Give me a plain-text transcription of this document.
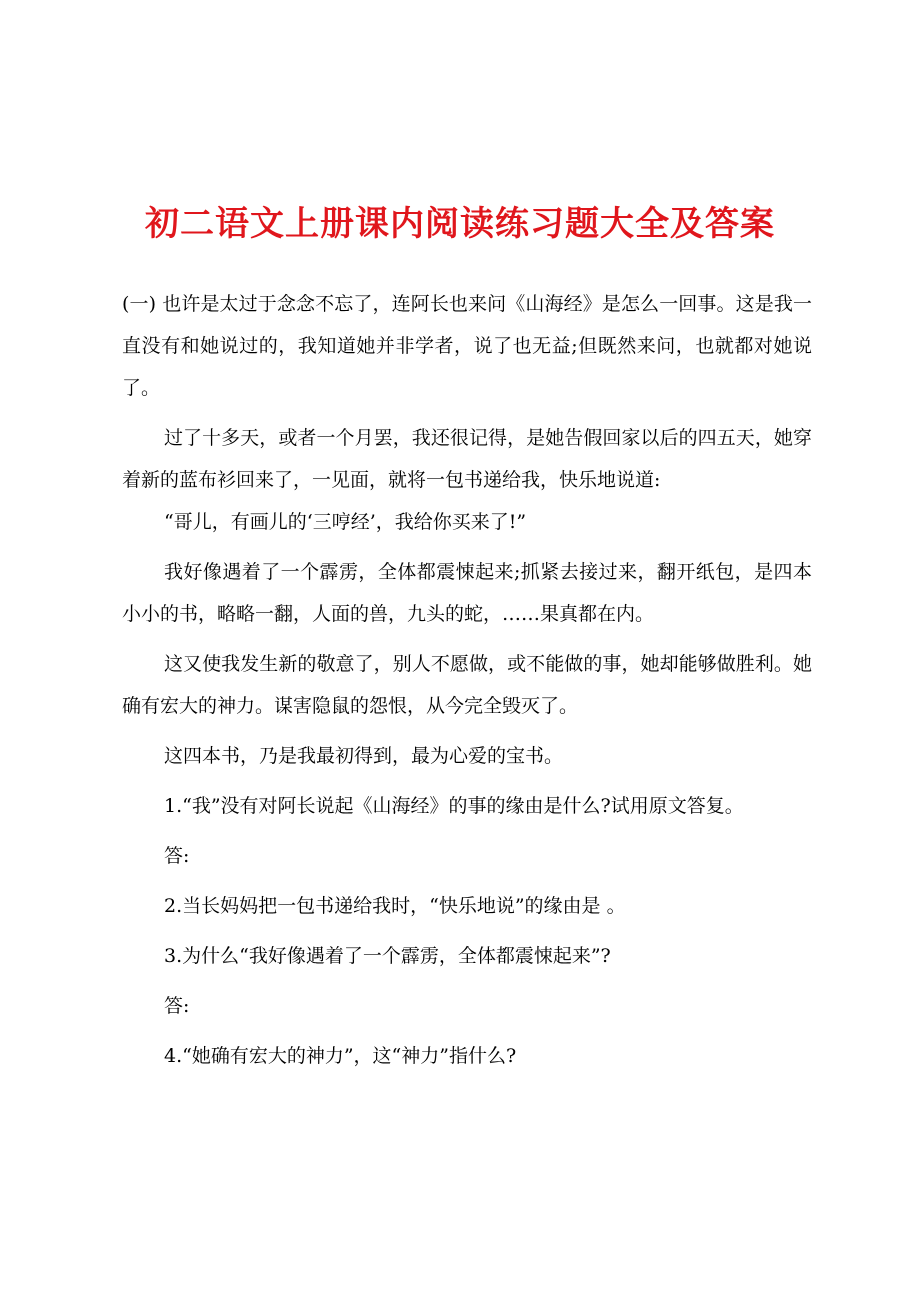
初二语文上册课内阅读练习题大全及答案

(一) 也许是太过于念念不忘了，连阿长也来问《山海经》是怎么一回事。这是我一直没有和她说过的，我知道她并非学者，说了也无益;但既然来问，也就都对她说了。

过了十多天，或者一个月罢，我还很记得，是她告假回家以后的四五天，她穿着新的蓝布衫回来了，一见面，就将一包书递给我，快乐地说道:

“哥儿，有画儿的‘三哼经’，我给你买来了!”

我好像遇着了一个霹雳，全体都震悚起来;抓紧去接过来，翻开纸包，是四本小小的书，略略一翻，人面的兽，九头的蛇，……果真都在内。

这又使我发生新的敬意了，别人不愿做，或不能做的事，她却能够做胜利。她确有宏大的神力。谋害隐鼠的怨恨，从今完全毁灭了。

这四本书，乃是我最初得到，最为心爱的宝书。

1.“我”没有对阿长说起《山海经》的事的缘由是什么?试用原文答复。

答:

2.当长妈妈把一包书递给我时，“快乐地说”的缘由是 。

3.为什么“我好像遇着了一个霹雳，全体都震悚起来”?

答:

4.“她确有宏大的神力”，这“神力”指什么?
